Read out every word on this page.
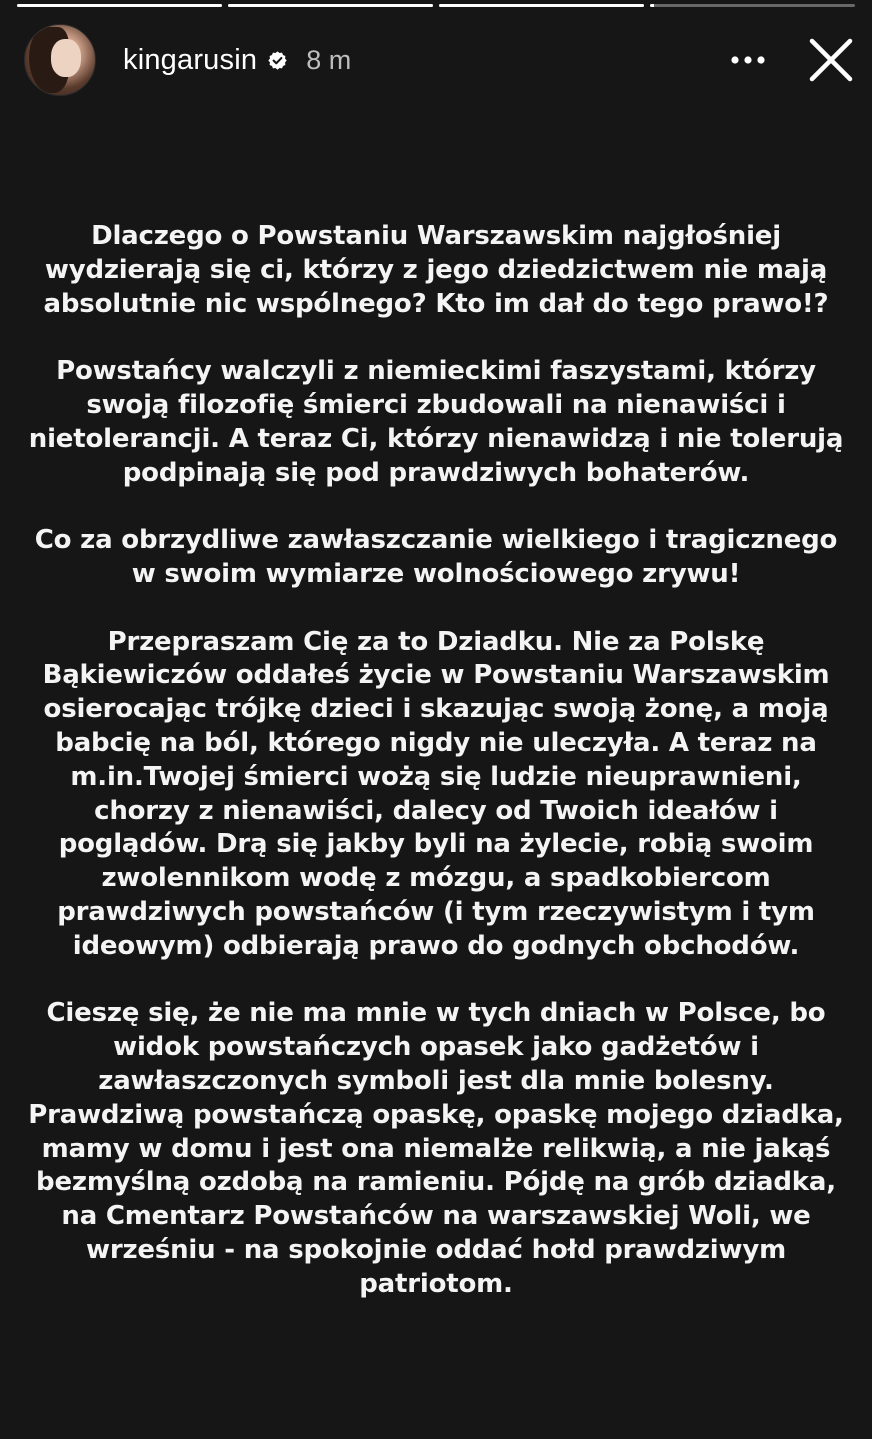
kingarusin 8 m

Dlaczego o Powstaniu Warszawskim najgłośniej
wydzierają się ci, którzy z jego dziedzictwem nie mają
absolutnie nic wspólnego? Kto im dał do tego prawo!?

Powstańcy walczyli z niemieckimi faszystami, którzy
swoją filozofię śmierci zbudowali na nienawiści i
nietolerancji. A teraz Ci, którzy nienawidzą i nie tolerują
podpinają się pod prawdziwych bohaterów.

Co za obrzydliwe zawłaszczanie wielkiego i tragicznego
w swoim wymiarze wolnościowego zrywu!

Przepraszam Cię za to Dziadku. Nie za Polskę
Bąkiewiczów oddałeś życie w Powstaniu Warszawskim
osierocając trójkę dzieci i skazując swoją żonę, a moją
babcię na ból, którego nigdy nie uleczyła. A teraz na
m.in.Twojej śmierci wożą się ludzie nieuprawnieni,
chorzy z nienawiści, dalecy od Twoich ideałów i
poglądów. Drą się jakby byli na żylecie, robią swoim
zwolennikom wodę z mózgu, a spadkobiercom
prawdziwych powstańców (i tym rzeczywistym i tym
ideowym) odbierają prawo do godnych obchodów.

Cieszę się, że nie ma mnie w tych dniach w Polsce, bo
widok powstańczych opasek jako gadżetów i
zawłaszczonych symboli jest dla mnie bolesny.
Prawdziwą powstańczą opaskę, opaskę mojego dziadka,
mamy w domu i jest ona niemalże relikwią, a nie jakąś
bezmyślną ozdobą na ramieniu. Pójdę na grób dziadka,
na Cmentarz Powstańców na warszawskiej Woli, we
wrześniu - na spokojnie oddać hołd prawdziwym
patriotom.
